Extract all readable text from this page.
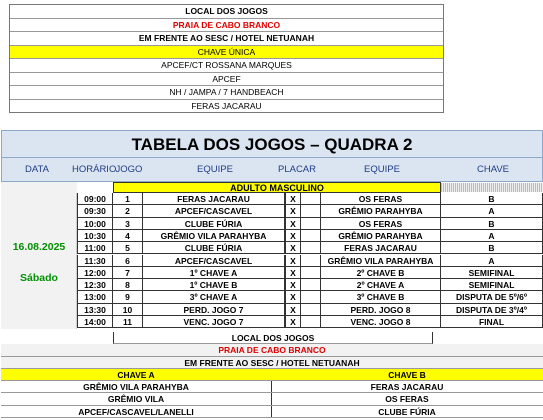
LOCAL DOS JOGOS
PRAIA DE CABO BRANCO
EM FRENTE AO SESC / HOTEL NETUANAH
CHAVE ÚNICA
APCEF/CT ROSSANA MARQUES
APCEF
NH / JAMPA / 7 HANDBEACH
FERAS JACARAU
TABELA DOS JOGOS – QUADRA 2
DATA	HORÁRIO JOGO	EQUIPE	PLACAR	EQUIPE	CHAVE
ADULTO MASCULINO
16.08.2025
Sábado
09:00	1	FERAS JACARAU	X	OS FERAS	B
09:30	2	APCEF/CASCAVEL	X	GRÊMIO PARAHYBA	A
10:00	3	CLUBE FÚRIA	X	OS FERAS	B
10:30	4	GRÊMIO VILA PARAHYBA	X	GRÊMIO PARAHYBA	A
11:00	5	CLUBE FÚRIA	X	FERAS JACARAU	B
11:30	6	APCEF/CASCAVEL	X	GRÊMIO VILA PARAHYBA	A
12:00	7	1º CHAVE A	X	2º CHAVE B	SEMIFINAL
12:30	8	1º CHAVE B	X	2º CHAVE A	SEMIFINAL
13:00	9	3º CHAVE A	X	3º CHAVE B	DISPUTA DE 5º/6º
13:30	10	PERD. JOGO 7	X	PERD. JOGO 8	DISPUTA DE 3º/4º
14:00	11	VENC. JOGO 7	X	VENC. JOGO 8	FINAL
LOCAL DOS JOGOS
PRAIA DE CABO BRANCO
EM FRENTE AO SESC / HOTEL NETUANAH
CHAVE A	CHAVE B
GRÊMIO VILA PARAHYBA	FERAS JACARAU
GRÊMIO VILA	OS FERAS
APCEF/CASCAVEL/LANELLI	CLUBE FÚRIA
